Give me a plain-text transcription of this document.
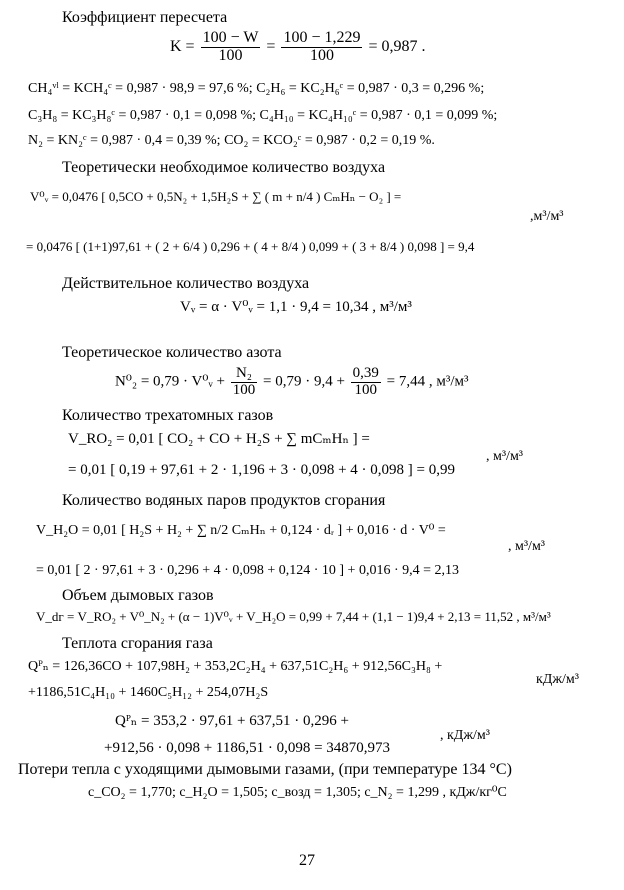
Коэффициент пересчета
$K = \frac{100 - W}{100} = \frac{100 - 1,229}{100} = 0,987$ .
CH₄ᵛˡ = KCH₄ᶜ = 0,987 · 98,9 = 97,6 %; C₂H₆ = KC₂H₆ᶜ = 0,987 · 0,3 = 0,296 %;
C₃H₈ = KC₃H₈ᶜ = 0,987 · 0,1 = 0,098 %; C₄H₁₀ = KC₄H₁₀ᶜ = 0,987 · 0,1 = 0,099 %;
N₂ = KN₂ᶜ = 0,987 · 0,4 = 0,39 %; CO₂ = KCO₂ᶜ = 0,987 · 0,2 = 0,19 %.
Теоретически необходимое количество воздуха
V⁰ᵥ = 0,0476 [ 0,5CO + 0,5N₂ + 1,5H₂S + ∑ ( m + n/4 ) CₘHₙ − O₂ ] =
,м³/м³
= 0,0476 [ (1+1)97,61 + ( 2 + 6/4 ) 0,296 + ( 4 + 8/4 ) 0,099 + ( 3 + 8/4 ) 0,098 ] = 9,4
Действительное количество воздуха
Vᵥ = α · V⁰ᵥ = 1,1 · 9,4 = 10,34 , м³/м³
Теоретическое количество азота
N⁰₂ = 0,79 · V⁰ᵥ + $\frac{\text{N₂}}{100} = 0,79 \cdot 9,4 + \frac{0,39}{100} = 7,44$ , м³/м³
Количество трехатомных газов
V_RO₂ = 0,01 [ CO₂ + CO + H₂S + ∑ mCₘHₙ ] =
, м³/м³
= 0,01 [ 0,19 + 97,61 + 2 · 1,196 + 3 · 0,098 + 4 · 0,098 ] = 0,99
Количество водяных паров продуктов сгорания
V_H₂O = 0,01 [ H₂S + H₂ + ∑ n/2 CₘHₙ + 0,124 · dᵣ ] + 0,016 · d · V⁰ =
, м³/м³
= 0,01 [ 2 · 97,61 + 3 · 0,296 + 4 · 0,098 + 0,124 · 10 ] + 0,016 · 9,4 = 2,13
Объем дымовых газов
V_dг = V_RO₂ + V⁰_N₂ + (α − 1)V⁰ᵥ + V_H₂O = 0,99 + 7,44 + (1,1 − 1)9,4 + 2,13 = 11,52 , м³/м³
Теплота сгорания газа
Qᴾₙ = 126,36CO + 107,98H₂ + 353,2C₂H₄ + 637,51C₂H₆ + 912,56C₃H₈ +
кДж/м³
+1186,51C₄H₁₀ + 1460C₅H₁₂ + 254,07H₂S
Qᴾₙ = 353,2 · 97,61 + 637,51 · 0,296 +
+912,56 · 0,098 + 1186,51 · 0,098 = 34870,973
, кДж/м³
Потери тепла с уходящими дымовыми газами, (при температуре 134 °С)
c_CO₂ = 1,770; c_H₂O = 1,505; c_возд = 1,305; c_N₂ = 1,299 , кДж/кг⁰С
27
